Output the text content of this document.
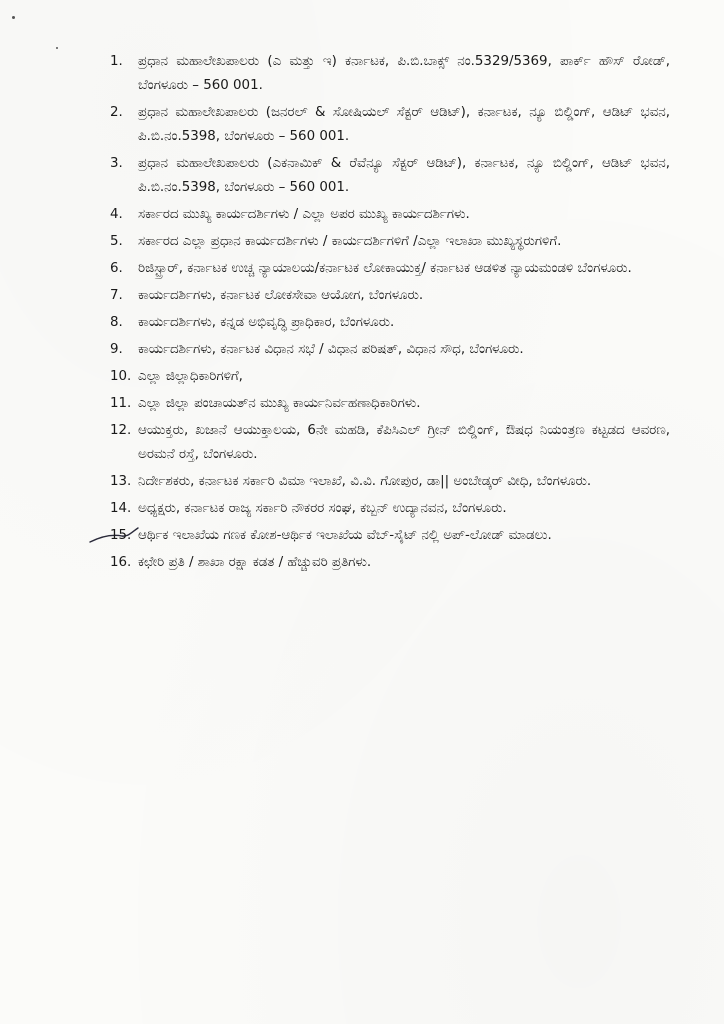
1.	ಪ್ರಧಾನ ಮಹಾಲೇಖಪಾಲರು (ಎ ಮತ್ತು ಇ) ಕರ್ನಾಟಕ, ಪಿ.ಬಿ.ಬಾಕ್ಸ್ ನಂ.5329/5369, ಪಾರ್ಕ್ ಹೌಸ್ ರೋಡ್, ಬೆಂಗಳೂರು – 560 001.
2.	ಪ್ರಧಾನ ಮಹಾಲೇಖಪಾಲರು (ಜನರಲ್ & ಸೋಷಿಯಲ್ ಸೆಕ್ಟರ್ ಆಡಿಟ್), ಕರ್ನಾಟಕ, ನ್ಯೂ ಬಿಲ್ಡಿಂಗ್, ಆಡಿಟ್ ಭವನ, ಪಿ.ಬಿ.ನಂ.5398, ಬೆಂಗಳೂರು – 560 001.
3.	ಪ್ರಧಾನ ಮಹಾಲೇಖಪಾಲರು (ಎಕನಾಮಿಕ್ & ರೆವೆನ್ಯೂ ಸೆಕ್ಟರ್ ಆಡಿಟ್), ಕರ್ನಾಟಕ, ನ್ಯೂ ಬಿಲ್ಡಿಂಗ್, ಆಡಿಟ್ ಭವನ, ಪಿ.ಬಿ.ನಂ.5398, ಬೆಂಗಳೂರು – 560 001.
4.	ಸರ್ಕಾರದ ಮುಖ್ಯ ಕಾರ್ಯದರ್ಶಿಗಳು / ಎಲ್ಲಾ ಅಪರ ಮುಖ್ಯ ಕಾರ್ಯದರ್ಶಿಗಳು.
5.	ಸರ್ಕಾರದ ಎಲ್ಲಾ ಪ್ರಧಾನ ಕಾರ್ಯದರ್ಶಿಗಳು / ಕಾರ್ಯದರ್ಶಿಗಳಿಗೆ /ಎಲ್ಲಾ ಇಲಾಖಾ ಮುಖ್ಯಸ್ಥರುಗಳಿಗೆ.
6.	ರಿಜಿಸ್ಟ್ರಾರ್, ಕರ್ನಾಟಕ ಉಚ್ಚ ನ್ಯಾಯಾಲಯ/ಕರ್ನಾಟಕ ಲೋಕಾಯುಕ್ತ/ ಕರ್ನಾಟಕ ಆಡಳಿತ ನ್ಯಾಯಮಂಡಳಿ ಬೆಂಗಳೂರು.
7.	ಕಾರ್ಯದರ್ಶಿಗಳು, ಕರ್ನಾಟಕ ಲೋಕಸೇವಾ ಆಯೋಗ, ಬೆಂಗಳೂರು.
8.	ಕಾರ್ಯದರ್ಶಿಗಳು, ಕನ್ನಡ ಅಭಿವೃದ್ಧಿ ಪ್ರಾಧಿಕಾರ, ಬೆಂಗಳೂರು.
9.	ಕಾರ್ಯದರ್ಶಿಗಳು, ಕರ್ನಾಟಕ ವಿಧಾನ ಸಭೆ / ವಿಧಾನ ಪರಿಷತ್, ವಿಧಾನ ಸೌಧ, ಬೆಂಗಳೂರು.
10. ಎಲ್ಲಾ ಜಿಲ್ಲಾಧಿಕಾರಿಗಳಿಗೆ,
11. ಎಲ್ಲಾ ಜಿಲ್ಲಾ ಪಂಚಾಯತ್‌ನ ಮುಖ್ಯ ಕಾರ್ಯನಿರ್ವಹಣಾಧಿಕಾರಿಗಳು.
12. ಆಯುಕ್ತರು, ಖಜಾನೆ ಆಯುಕ್ತಾಲಯ, 6ನೇ ಮಹಡಿ, ಕೆಪಿಸಿಎಲ್ ಗ್ರೀನ್ ಬಿಲ್ಡಿಂಗ್, ಔಷಧ ನಿಯಂತ್ರಣ ಕಟ್ಟಡದ ಆವರಣ, ಅರಮನೆ ರಸ್ತೆ, ಬೆಂಗಳೂರು.
13. ನಿರ್ದೇಶಕರು, ಕರ್ನಾಟಕ ಸರ್ಕಾರಿ ವಿಮಾ ಇಲಾಖೆ, ವಿ.ವಿ. ಗೋಪುರ, ಡಾ|| ಅಂಬೇಡ್ಕರ್ ವೀಧಿ, ಬೆಂಗಳೂರು.
14. ಅಧ್ಯಕ್ಷರು, ಕರ್ನಾಟಕ ರಾಜ್ಯ ಸರ್ಕಾರಿ ನೌಕರರ ಸಂಘ, ಕಬ್ಬನ್ ಉದ್ಯಾನವನ, ಬೆಂಗಳೂರು.
15. ಆರ್ಥಿಕ ಇಲಾಖೆಯ ಗಣಕ ಕೋಶ-ಆರ್ಥಿಕ ಇಲಾಖೆಯ ವೆಬ್-ಸೈಟ್ ನಲ್ಲಿ ಅಪ್-ಲೋಡ್ ಮಾಡಲು.
16. ಕಛೇರಿ ಪ್ರತಿ / ಶಾಖಾ ರಕ್ಷಾ ಕಡತ / ಹೆಚ್ಚುವರಿ ಪ್ರತಿಗಳು.
